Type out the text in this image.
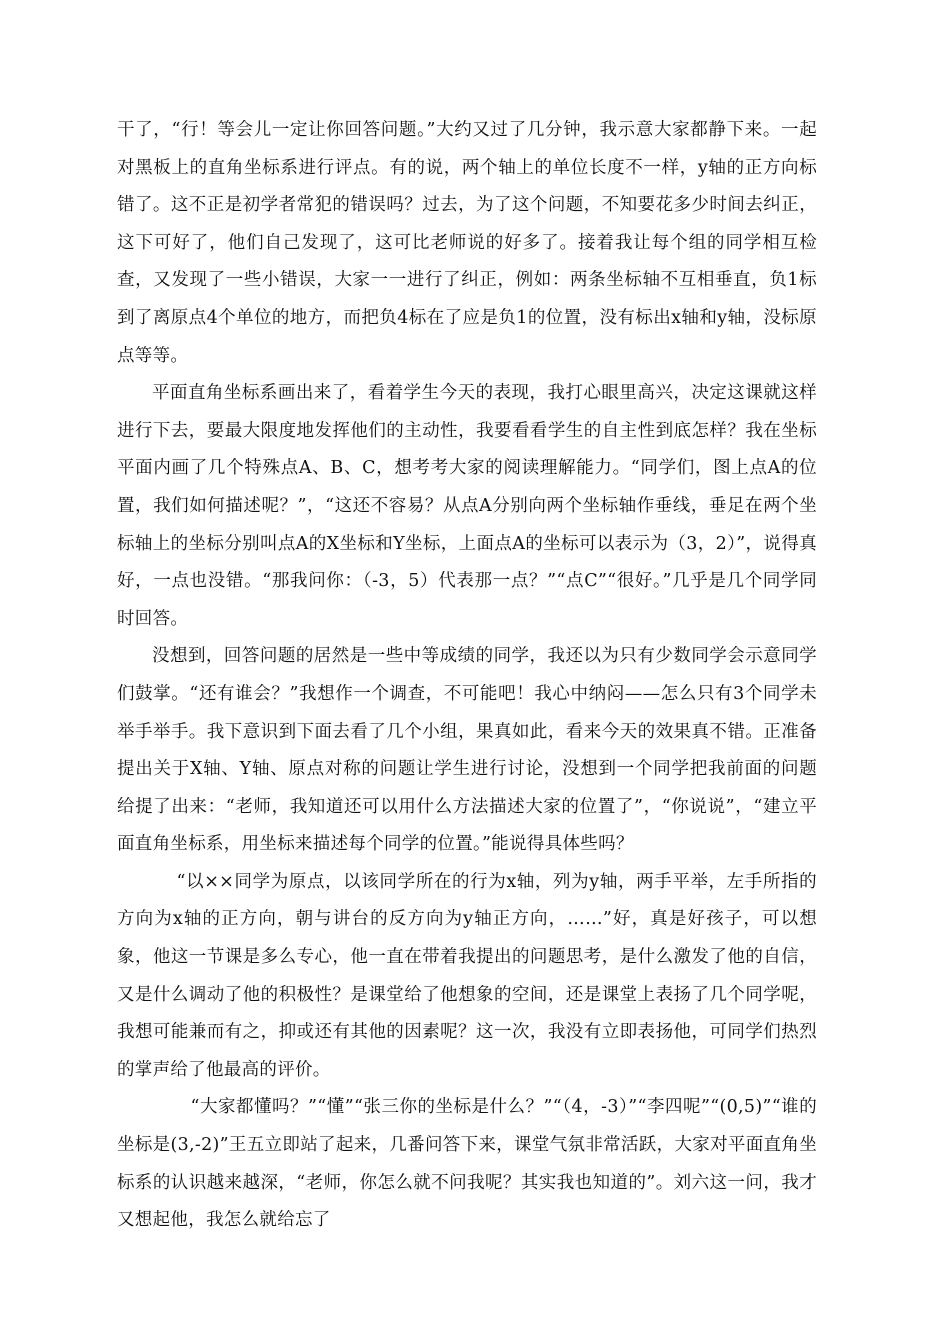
干了，“行！等会儿一定让你回答问题。”大约又过了几分钟，我示意大家都静下来。一起对黑板上的直角坐标系进行评点。有的说，两个轴上的单位长度不一样，y轴的正方向标错了。这不正是初学者常犯的错误吗？过去，为了这个问题，不知要花多少时间去纠正，这下可好了，他们自己发现了，这可比老师说的好多了。接着我让每个组的同学相互检查，又发现了一些小错误，大家一一进行了纠正，例如：两条坐标轴不互相垂直，负1标到了离原点4个单位的地方，而把负4标在了应是负1的位置，没有标出x轴和y轴，没标原点等等。

平面直角坐标系画出来了，看着学生今天的表现，我打心眼里高兴，决定这课就这样进行下去，要最大限度地发挥他们的主动性，我要看看学生的自主性到底怎样？我在坐标平面内画了几个特殊点A、B、C，想考考大家的阅读理解能力。“同学们，图上点A的位置，我们如何描述呢？”，“这还不容易？从点A分别向两个坐标轴作垂线，垂足在两个坐标轴上的坐标分别叫点A的X坐标和Y坐标，上面点A的坐标可以表示为（3，2）”，说得真好，一点也没错。“那我问你：（-3，5）代表那一点？”“点C”“很好。”几乎是几个同学同时回答。

没想到，回答问题的居然是一些中等成绩的同学，我还以为只有少数同学会示意同学们鼓掌。“还有谁会？”我想作一个调查，不可能吧！我心中纳闷——怎么只有3个同学未举手举手。我下意识到下面去看了几个小组，果真如此，看来今天的效果真不错。正准备提出关于X轴、Y轴、原点对称的问题让学生进行讨论，没想到一个同学把我前面的问题给提了出来：“老师，我知道还可以用什么方法描述大家的位置了”，“你说说”，“建立平面直角坐标系，用坐标来描述每个同学的位置。”能说得具体些吗？

“以××同学为原点，以该同学所在的行为x轴，列为y轴，两手平举，左手所指的方向为x轴的正方向，朝与讲台的反方向为y轴正方向，……”好，真是好孩子，可以想象，他这一节课是多么专心，他一直在带着我提出的问题思考，是什么激发了他的自信，又是什么调动了他的积极性？是课堂给了他想象的空间，还是课堂上表扬了几个同学呢，我想可能兼而有之，抑或还有其他的因素呢？这一次，我没有立即表扬他，可同学们热烈的掌声给了他最高的评价。

“大家都懂吗？”“懂”“张三你的坐标是什么？”“（4，-3）”“李四呢”“(0,5)”“谁的坐标是(3,-2)”王五立即站了起来，几番问答下来，课堂气氛非常活跃，大家对平面直角坐标系的认识越来越深，“老师，你怎么就不问我呢？其实我也知道的”。刘六这一问，我才又想起他，我怎么就给忘了
